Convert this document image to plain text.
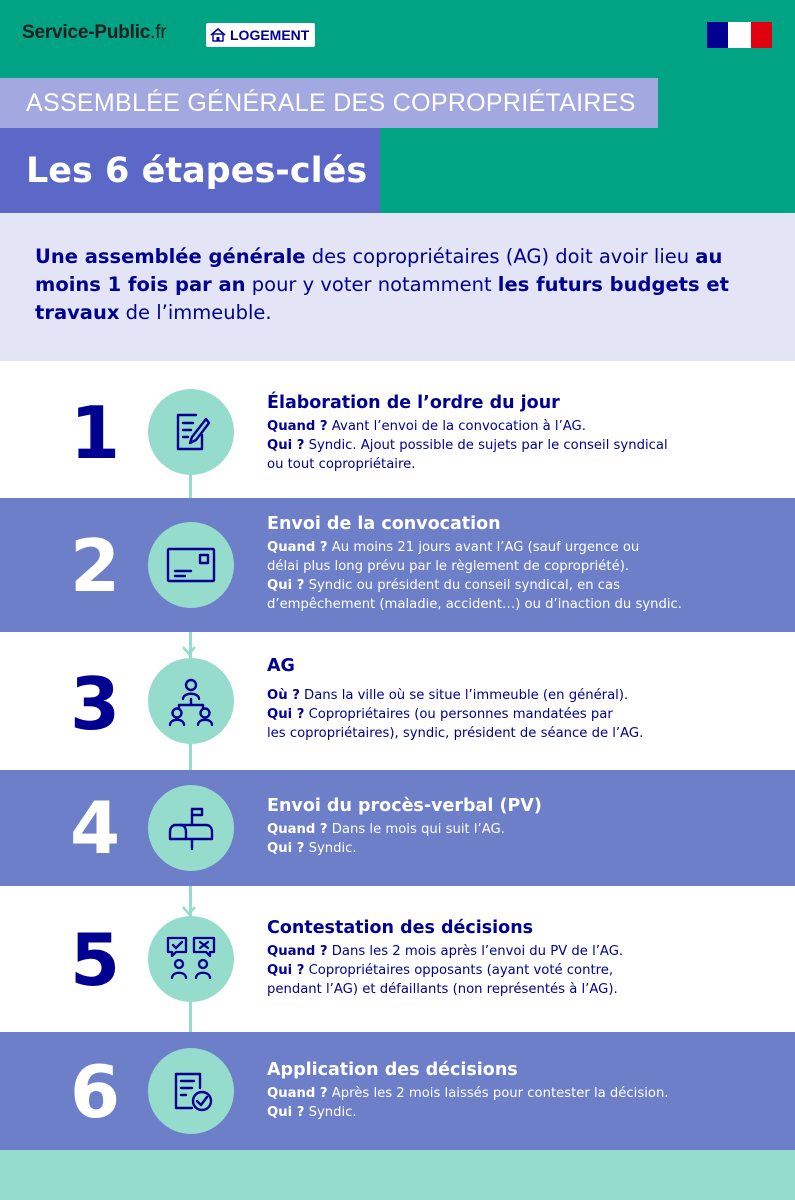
Service-Public.fr	LOGEMENT
ASSEMBLÉE GÉNÉRALE DES COPROPRIÉTAIRES
Les 6 étapes-clés

Une assemblée générale des copropriétaires (AG) doit avoir lieu au moins 1 fois par an pour y voter notamment les futurs budgets et travaux de l’immeuble.

1	Élaboration de l’ordre du jour
Quand ? Avant l’envoi de la convocation à l’AG.
Qui ? Syndic. Ajout possible de sujets par le conseil syndical
ou tout copropriétaire.
2	Envoi de la convocation
Quand ? Au moins 21 jours avant l’AG (sauf urgence ou
délai plus long prévu par le règlement de copropriété).
Qui ? Syndic ou président du conseil syndical, en cas
d’empêchement (maladie, accident…) ou d’inaction du syndic.
3	AG
Où ? Dans la ville où se situe l’immeuble (en général).
Qui ? Copropriétaires (ou personnes mandatées par
les copropriétaires), syndic, président de séance de l’AG.
4	Envoi du procès-verbal (PV)
Quand ? Dans le mois qui suit l’AG.
Qui ? Syndic.
5	Contestation des décisions
Quand ? Dans les 2 mois après l’envoi du PV de l’AG.
Qui ? Copropriétaires opposants (ayant voté contre,
pendant l’AG) et défaillants (non représentés à l’AG).
6	Application des décisions
Quand ? Après les 2 mois laissés pour contester la décision.
Qui ? Syndic.
